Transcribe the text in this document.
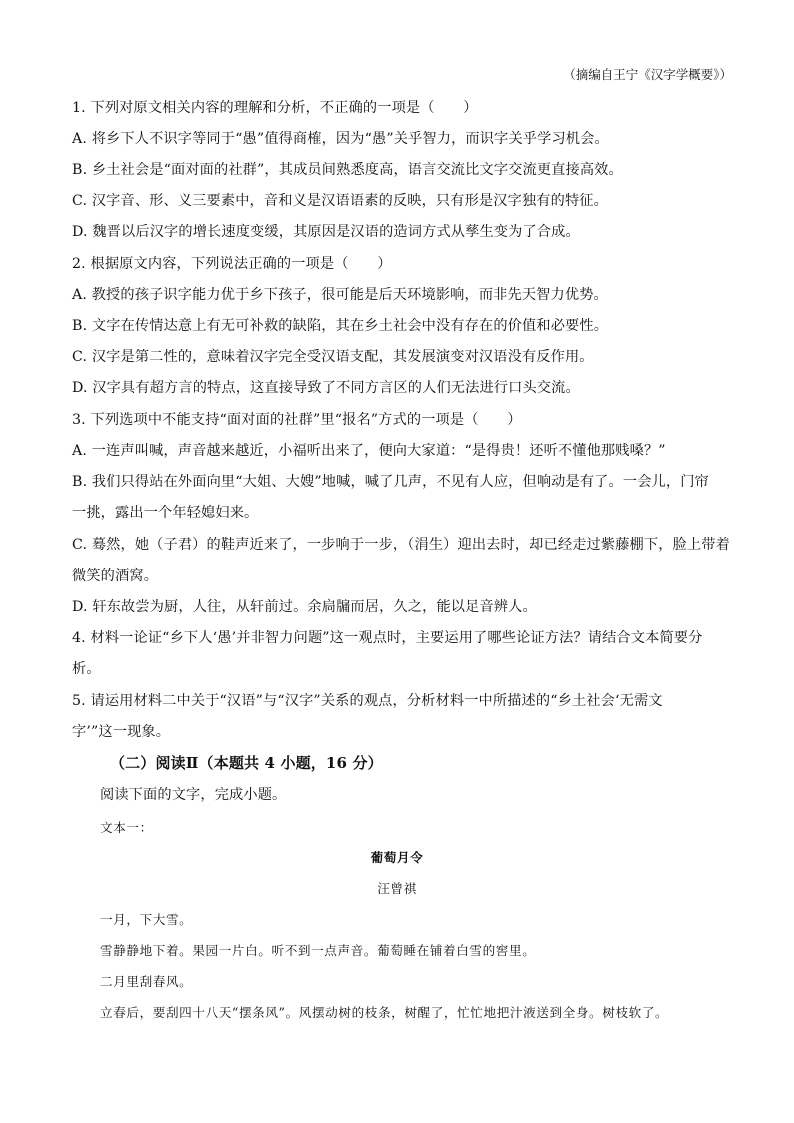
（摘编自王宁《汉字学概要》）
1. 下列对原文相关内容的理解和分析，不正确的一项是（　　）
A. 将乡下人不识字等同于“愚”值得商榷，因为“愚”关乎智力，而识字关乎学习机会。
B. 乡土社会是“面对面的社群”，其成员间熟悉度高，语言交流比文字交流更直接高效。
C. 汉字音、形、义三要素中，音和义是汉语语素的反映，只有形是汉字独有的特征。
D. 魏晋以后汉字的增长速度变缓，其原因是汉语的造词方式从孳生变为了合成。
2. 根据原文内容，下列说法正确的一项是（　　）
A. 教授的孩子识字能力优于乡下孩子，很可能是后天环境影响，而非先天智力优势。
B. 文字在传情达意上有无可补救的缺陷，其在乡土社会中没有存在的价值和必要性。
C. 汉字是第二性的，意味着汉字完全受汉语支配，其发展演变对汉语没有反作用。
D. 汉字具有超方言的特点，这直接导致了不同方言区的人们无法进行口头交流。
3. 下列选项中不能支持“面对面的社群”里“报名”方式的一项是（　　）
A. 一连声叫喊，声音越来越近，小福听出来了，便向大家道：“是得贵！还听不懂他那贱嗓？”
B. 我们只得站在外面向里“大姐、大嫂”地喊，喊了几声，不见有人应，但响动是有了。一会儿，门帘
一挑，露出一个年轻媳妇来。
C. 蓦然，她（子君）的鞋声近来了，一步响于一步，（涓生）迎出去时，却已经走过紫藤棚下，脸上带着
微笑的酒窝。
D. 轩东故尝为厨，人往，从轩前过。余扃牖而居，久之，能以足音辨人。
4. 材料一论证“乡下人‘愚’并非智力问题”这一观点时，主要运用了哪些论证方法？请结合文本简要分
析。
5. 请运用材料二中关于“汉语”与“汉字”关系的观点，分析材料一中所描述的“乡土社会‘无需文
字’”这一现象。
（二）阅读Ⅱ（本题共 4 小题，16 分）
阅读下面的文字，完成小题。
文本一：
葡萄月令
汪曾祺
一月，下大雪。
雪静静地下着。果园一片白。听不到一点声音。葡萄睡在铺着白雪的窖里。
二月里刮春风。
立春后，要刮四十八天“摆条风”。风摆动树的枝条，树醒了，忙忙地把汁液送到全身。树枝软了。
